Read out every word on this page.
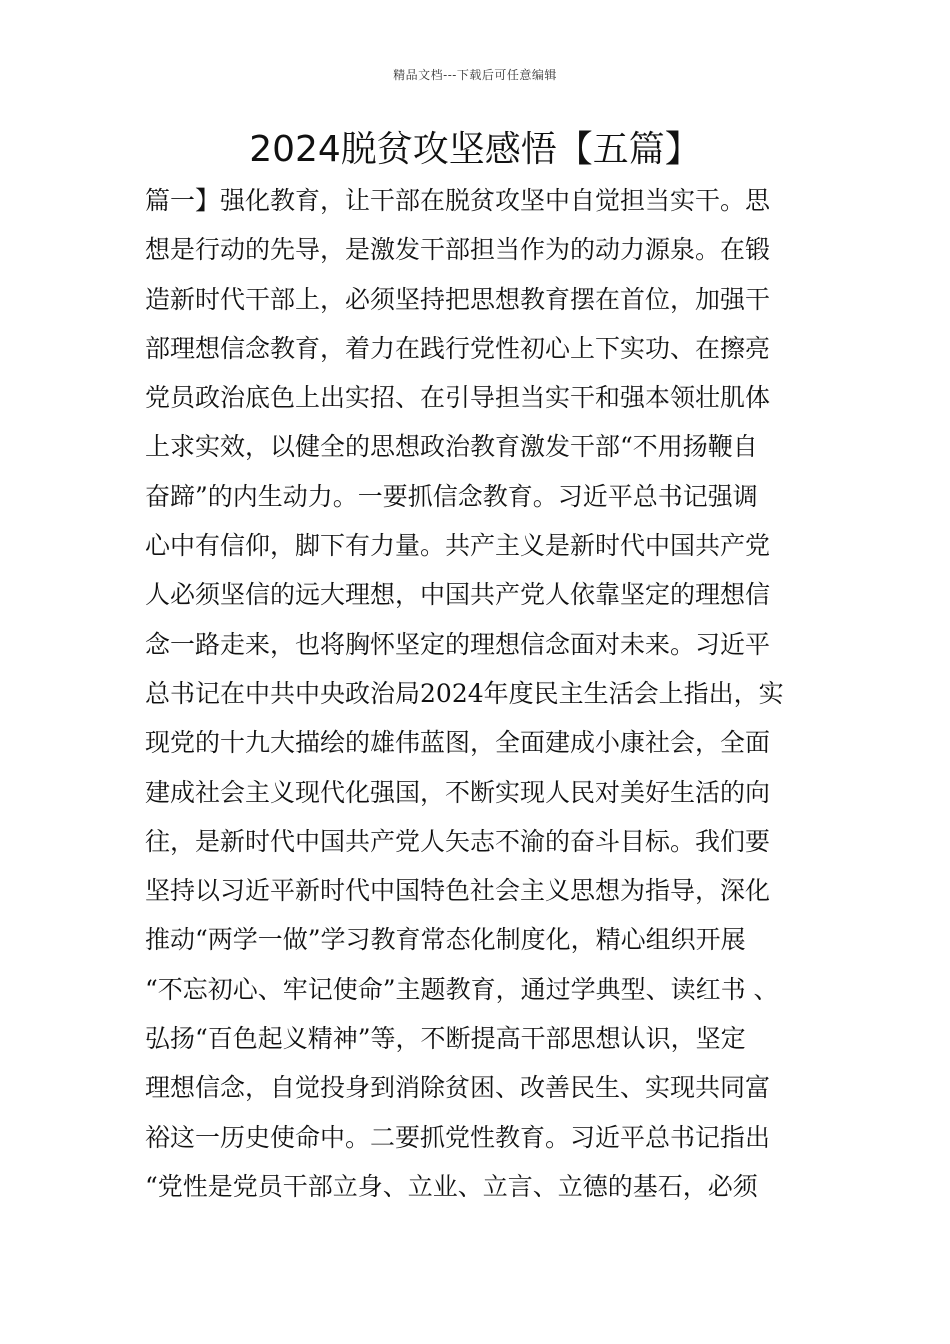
精品文档---下载后可任意编辑
2024脱贫攻坚感悟【五篇】
篇一】强化教育，让干部在脱贫攻坚中自觉担当实干。思
想是行动的先导，是激发干部担当作为的动力源泉。在锻
造新时代干部上，必须坚持把思想教育摆在首位，加强干
部理想信念教育，着力在践行党性初心上下实功、在擦亮
党员政治底色上出实招、在引导担当实干和强本领壮肌体
上求实效，以健全的思想政治教育激发干部“不用扬鞭自
奋蹄”的内生动力。一要抓信念教育。习近平总书记强调
心中有信仰，脚下有力量。共产主义是新时代中国共产党
人必须坚信的远大理想，中国共产党人依靠坚定的理想信
念一路走来，也将胸怀坚定的理想信念面对未来。习近平
总书记在中共中央政治局2024年度民主生活会上指出，实
现党的十九大描绘的雄伟蓝图，全面建成小康社会，全面
建成社会主义现代化强国，不断实现人民对美好生活的向
往，是新时代中国共产党人矢志不渝的奋斗目标。我们要
坚持以习近平新时代中国特色社会主义思想为指导，深化
推动“两学一做”学习教育常态化制度化，精心组织开展
“不忘初心、牢记使命”主题教育，通过学典型、读红书 、
弘扬“百色起义精神”等，不断提高干部思想认识，坚定
理想信念，自觉投身到消除贫困、改善民生、实现共同富
裕这一历史使命中。二要抓党性教育。习近平总书记指出
“党性是党员干部立身、立业、立言、立德的基石，必须
